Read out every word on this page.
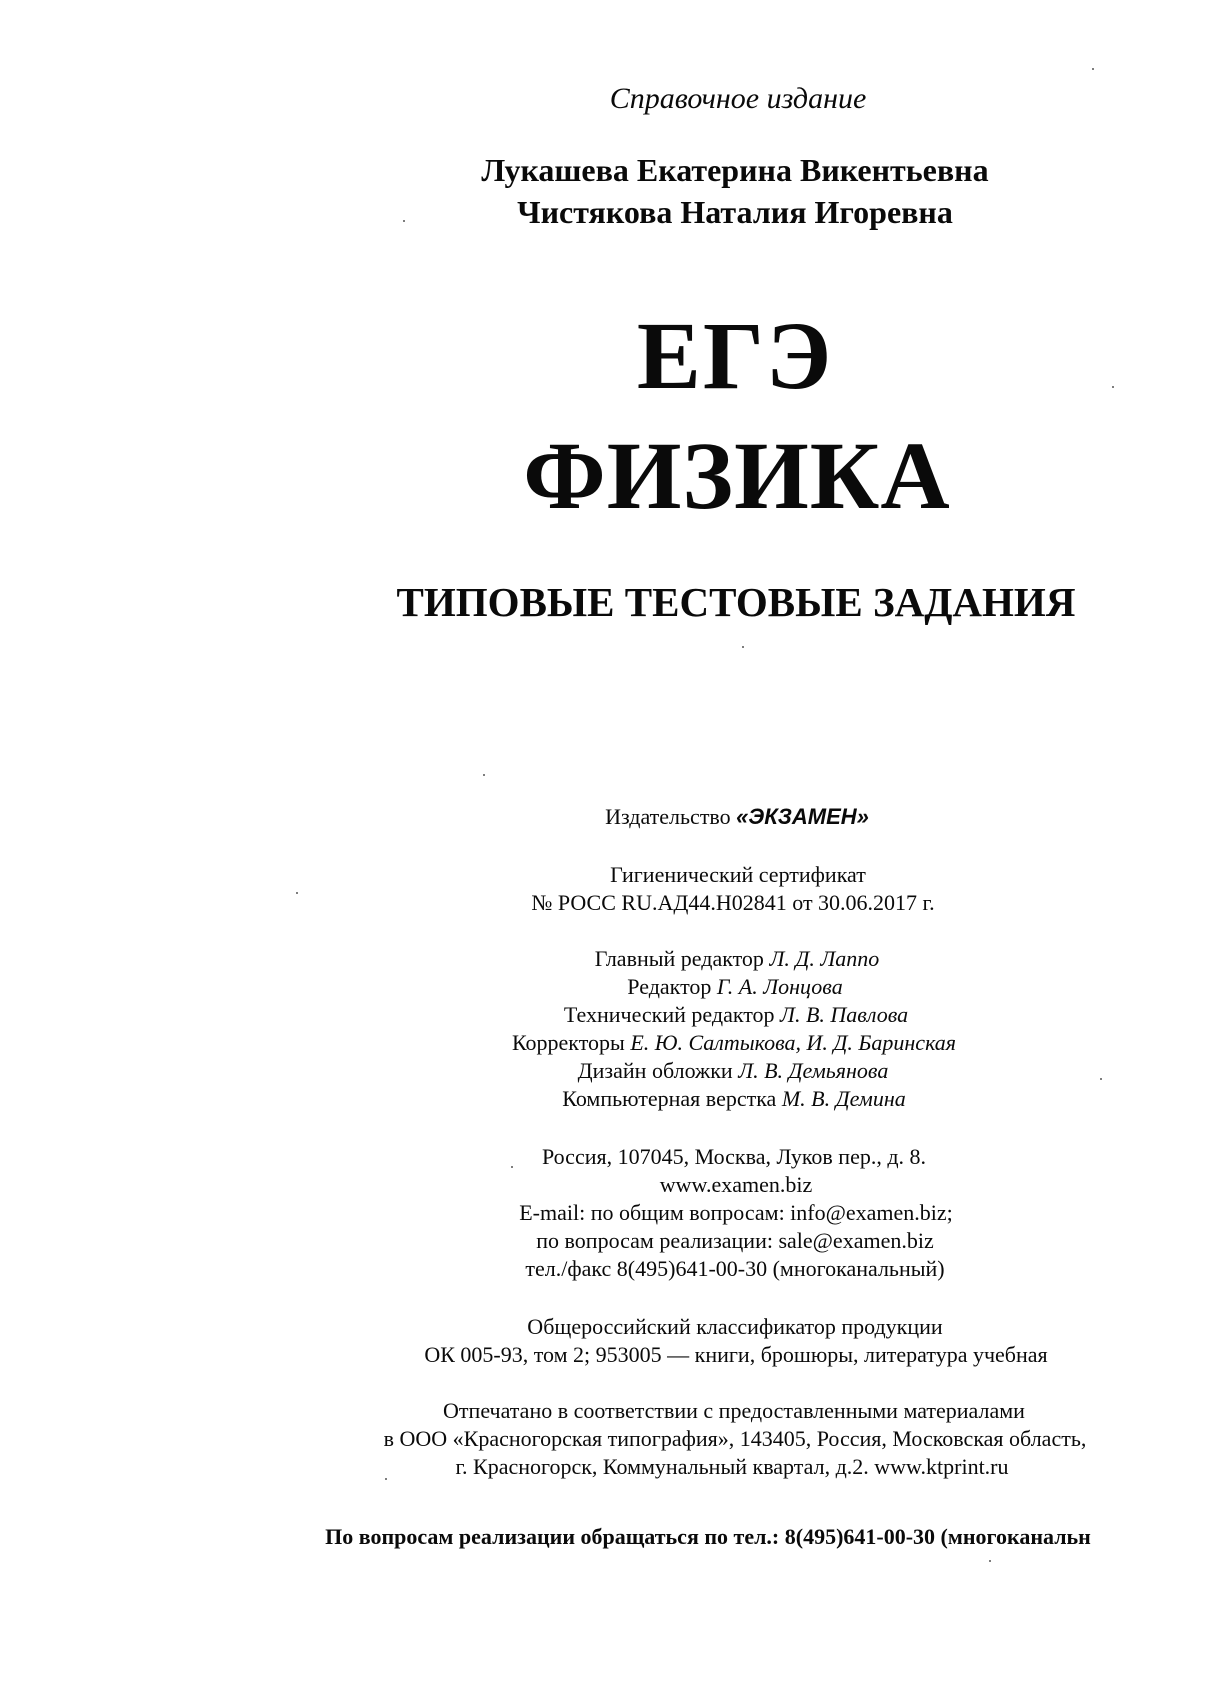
Справочное издание
Лукашева Екатерина Викентьевна
Чистякова Наталия Игоревна
ЕГЭ
ФИЗИКА
ТИПОВЫЕ ТЕСТОВЫЕ ЗАДАНИЯ
Издательство «ЭКЗАМЕН»
Гигиенический сертификат
№ РОСС RU.АД44.Н02841 от 30.06.2017 г.
Главный редактор Л. Д. Лаппо
Редактор Г. А. Лонцова
Технический редактор Л. В. Павлова
Корректоры Е. Ю. Салтыкова, И. Д. Баринская
Дизайн обложки Л. В. Демьянова
Компьютерная верстка М. В. Демина
Россия, 107045, Москва, Луков пер., д. 8.
www.examen.biz
E-mail: по общим вопросам: info@examen.biz;
по вопросам реализации: sale@examen.biz
тел./факс 8(495)641-00-30 (многоканальный)
Общероссийский классификатор продукции
ОК 005-93, том 2; 953005 — книги, брошюры, литература учебная
Отпечатано в соответствии с предоставленными материалами
в ООО «Красногорская типография», 143405, Россия, Московская область,
г. Красногорск, Коммунальный квартал, д.2. www.ktprint.ru
По вопросам реализации обращаться по тел.: 8(495)641-00-30 (многоканальн
